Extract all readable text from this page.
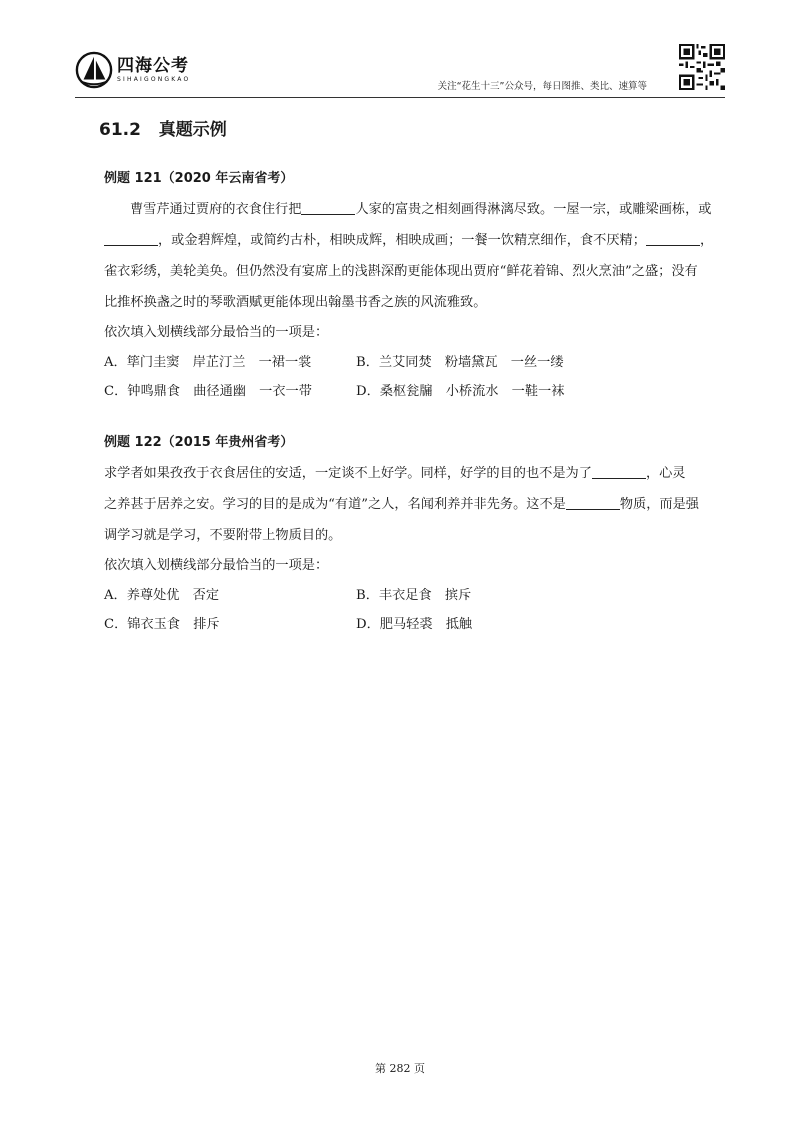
四海公考
SIHAIGONGKAO
关注“花生十三”公众号，每日图推、类比、速算等
61.2 真题示例
例题 121（2020 年云南省考）
曹雪芹通过贾府的衣食住行把	人家的富贵之相刻画得淋漓尽致。一屋一宗，或雕梁画栋，或
，或金碧辉煌，或简约古朴，相映成辉，相映成画；一餐一饮精烹细作，食不厌精；	，
雀衣彩绣，美轮美奂。但仍然没有宴席上的浅斟深酌更能体现出贾府“鲜花着锦、烈火烹油”之盛；没有
比推杯换盏之时的琴歌酒赋更能体现出翰墨书香之族的风流雅致。
依次填入划横线部分最恰当的一项是：
A．筚门圭窦　岸芷汀兰　一裙一裳	B．兰艾同焚　粉墙黛瓦　一丝一缕
C．钟鸣鼎食　曲径通幽　一衣一带	D．桑枢瓮牖　小桥流水　一鞋一袜
例题 122（2015 年贵州省考）
求学者如果孜孜于衣食居住的安适，一定谈不上好学。同样，好学的目的也不是为了	，心灵
之养甚于居养之安。学习的目的是成为“有道”之人，名闻利养并非先务。这不是	物质，而是强
调学习就是学习，不要附带上物质目的。
依次填入划横线部分最恰当的一项是：
A．养尊处优　否定	B．丰衣足食　摈斥
C．锦衣玉食　排斥	D．肥马轻裘　抵触
第 282 页
